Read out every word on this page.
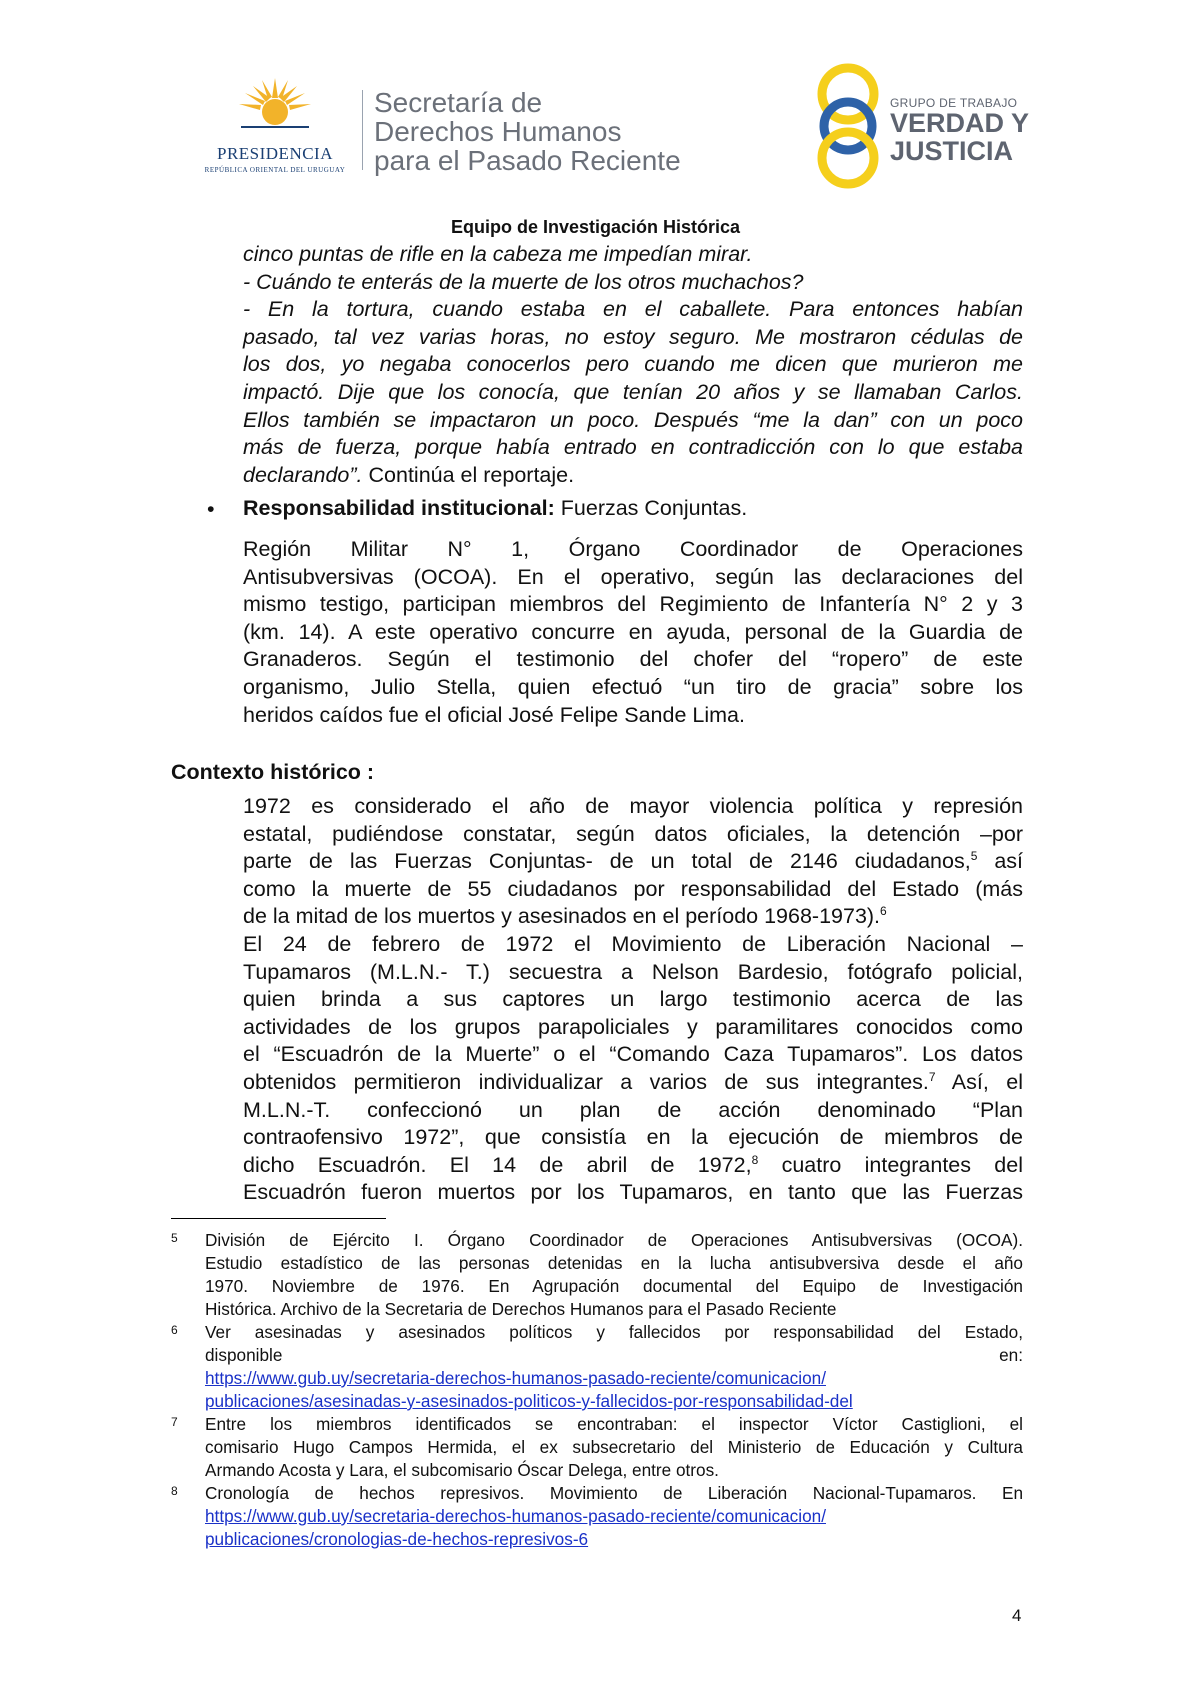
PRESIDENCIA
REPÚBLICA ORIENTAL DEL URUGUAY
Secretaría de
Derechos Humanos
para el Pasado Reciente
GRUPO DE TRABAJO
VERDAD Y
JUSTICIA
Equipo de Investigación Histórica
cinco puntas de rifle en la cabeza me impedían mirar.
- Cuándo te enterás de la muerte de los otros muchachos?
- En la tortura, cuando estaba en el caballete. Para entonces habían
pasado, tal vez varias horas, no estoy seguro. Me mostraron cédulas de
los dos, yo negaba conocerlos pero cuando me dicen que murieron me
impactó. Dije que los conocía, que tenían 20 años y se llamaban Carlos.
Ellos también se impactaron un poco. Después “me la dan” con un poco
más de fuerza, porque había entrado en contradicción con lo que estaba
declarando”. Continúa el reportaje.
• Responsabilidad institucional: Fuerzas Conjuntas.
Región Militar N° 1, Órgano Coordinador de Operaciones
Antisubversivas (OCOA). En el operativo, según las declaraciones del
mismo testigo, participan miembros del Regimiento de Infantería N° 2 y 3
(km. 14). A este operativo concurre en ayuda, personal de la Guardia de
Granaderos. Según el testimonio del chofer del “ropero” de este
organismo, Julio Stella, quien efectuó “un tiro de gracia” sobre los
heridos caídos fue el oficial José Felipe Sande Lima.
Contexto histórico :
1972 es considerado el año de mayor violencia política y represión
estatal, pudiéndose constatar, según datos oficiales, la detención –por
parte de las Fuerzas Conjuntas- de un total de 2146 ciudadanos,$^5$ así
como la muerte de 55 ciudadanos por responsabilidad del Estado (más
de la mitad de los muertos y asesinados en el período 1968-1973).$^6$
El 24 de febrero de 1972 el Movimiento de Liberación Nacional –
Tupamaros (M.L.N.- T.) secuestra a Nelson Bardesio, fotógrafo policial,
quien brinda a sus captores un largo testimonio acerca de las
actividades de los grupos parapoliciales y paramilitares conocidos como
el “Escuadrón de la Muerte” o el “Comando Caza Tupamaros”. Los datos
obtenidos permitieron individualizar a varios de sus integrantes.$^7$ Así, el
M.L.N.-T. confeccionó un plan de acción denominado “Plan
contraofensivo 1972”, que consistía en la ejecución de miembros de
dicho Escuadrón. El 14 de abril de 1972,$^8$ cuatro integrantes del
Escuadrón fueron muertos por los Tupamaros, en tanto que las Fuerzas
5 División de Ejército I. Órgano Coordinador de Operaciones Antisubversivas (OCOA).
Estudio estadístico de las personas detenidas en la lucha antisubversiva desde el año
1970. Noviembre de 1976. En Agrupación documental del Equipo de Investigación
Histórica. Archivo de la Secretaria de Derechos Humanos para el Pasado Reciente
6 Ver asesinadas y asesinados políticos y fallecidos por responsabilidad del Estado,
disponible	en:
https://www.gub.uy/secretaria-derechos-humanos-pasado-reciente/comunicacion/
publicaciones/asesinadas-y-asesinados-politicos-y-fallecidos-por-responsabilidad-del
7 Entre los miembros identificados se encontraban: el inspector Víctor Castiglioni, el
comisario Hugo Campos Hermida, el ex subsecretario del Ministerio de Educación y Cultura
Armando Acosta y Lara, el subcomisario Óscar Delega, entre otros.
8 Cronología de hechos represivos. Movimiento de Liberación Nacional-Tupamaros. En
https://www.gub.uy/secretaria-derechos-humanos-pasado-reciente/comunicacion/
publicaciones/cronologias-de-hechos-represivos-6
4
